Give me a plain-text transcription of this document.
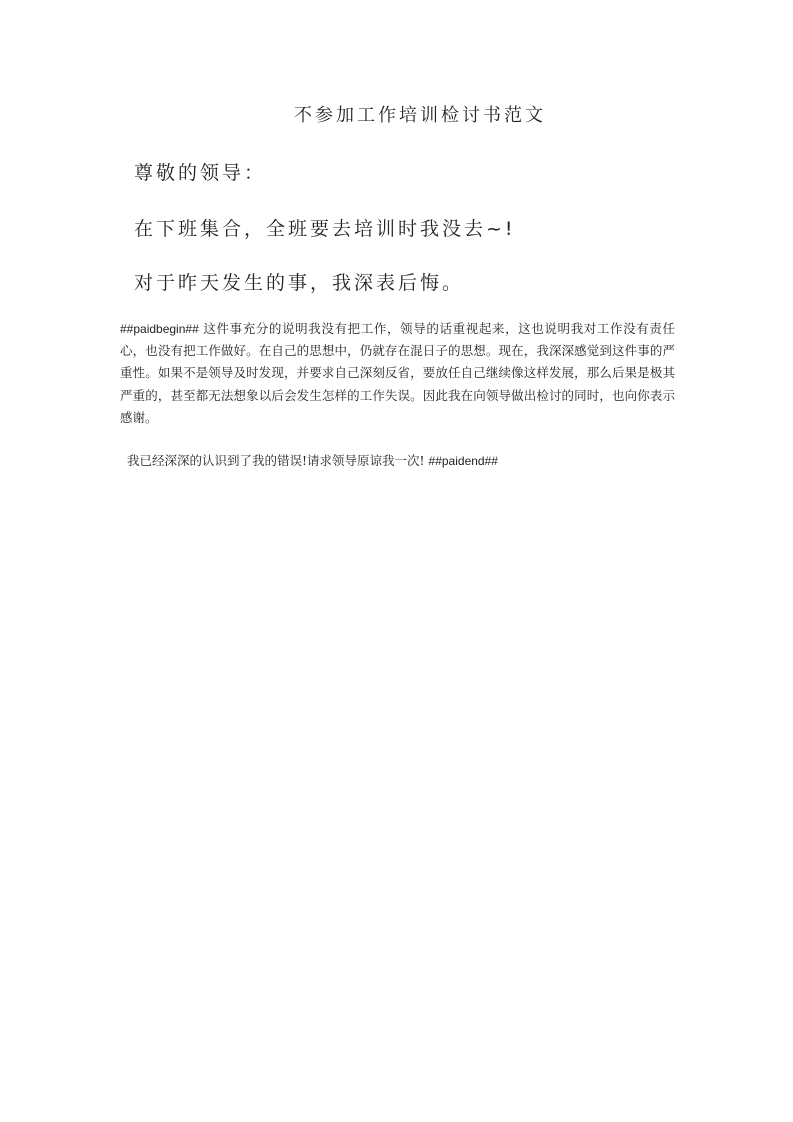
不参加工作培训检讨书范文

尊敬的领导：

在下班集合，全班要去培训时我没去~!

对于昨天发生的事，我深表后悔。

##paidbegin## 这件事充分的说明我没有把工作，领导的话重视起来，这也说明我对工作没有责任心，也没有把工作做好。在自己的思想中，仍就存在混日子的思想。现在，我深深感觉到这件事的严重性。如果不是领导及时发现，并要求自己深刻反省，要放任自己继续像这样发展，那么后果是极其严重的，甚至都无法想象以后会发生怎样的工作失误。因此我在向领导做出检讨的同时，也向你表示感谢。

我已经深深的认识到了我的错误!请求领导原谅我一次! ##paidend##
